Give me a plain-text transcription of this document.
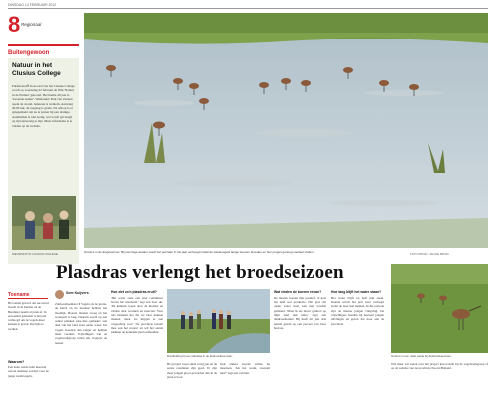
DINSDAG 14 FEBRUARI 2012
8 Regionaal
Buitengewoon
Natuur in het Clusius College
Purmerend Ⅱ In de zaal van het Clusius College wordt op woensdag 22 februari de film 'Natuur in de Purmer' getoond. Het thema dit jaar is 'Levende natuur'. Wethouder Paul van Zaanen opent de avond. Iedereen is welkom. Aanvang 20.00 uur, de toegang is gratis. Na afloop is er gelegenheid om na te praten bij een drankje. Aanmelden is niet nodig, wel wordt gevraagd op tijd aanwezig te zijn. Meer informatie is te vinden op de website.
NIEUWSFOTO CLUSIUS COLLEGE	Grutto's in de Engewormer. Bij sommige weiden wordt het peil later in het jaar verhoogd zodat de weidevogels langer kunnen broeden en hun jongen genoeg voedsel vinden.	FOTO PRIVÉ / JAN DE BRUIN
Plasdras verlengt het broedseizoen
Toename
Het aantal grutto's dat succesvol broedt in de Purmer en de Beemster neemt al jaren af. In een aantal gebieden is het peil verhoogd om de vogels meer kansen te geven. Dat lijkt te werken.
Waarom?
Een natte weide trekt insecten aan en daarmee voedsel voor de jonge weidevogels.
Sem Kuijvers
Zuidoostbeemster Ⅱ Vogels als de grutto, de kievit en de tureluur hebben het moeilijk. Boeren maaien vroeg en het waterpeil is laag. Daarom wordt op een aantal plekken plas-dras gemaakt: een deel van het land staat onder water. De vogels broeden dan langer en hebben meer voedsel. Vrijwilligers van de vogelwerkgroep tellen elk voorjaar de nesten.

Hoe ziet zo'n plasdras eruit?

'Het water staat een paar centimeter boven het maaiveld,' legt een boer uit. 'De kuikens lopen door de modder en vinden daar wormen en insecten. Voor ons betekent het dat we later kunnen maaien, maar we krijgen er een vergoeding voor.' De provincie betaalt mee aan het project en wil het aantal plekken de komende jaren uitbreiden.

Rondleiding bij een plasdras in de Zuidoostbeemster.
Het project loopt sinds vorig jaar en de eerste resultaten zijn goed. Er zijn meer jongen groot geworden dan in de jaren ervoor.
Ook andere boeren willen nu meedoen. 'Als het werkt, waarom niet?' zegt een van hen.

Wat vinden de boeren ervan?

De meeste boeren zijn positief, al kost het land wel productie. Het gras dat onder water staat, kan niet worden gemaaid. 'Maar ik zie liever grutto's op mijn land dan niets,' zegt een melkveehouder. Hij heeft dit jaar drie nesten geteld op een perceel van twee hectare.

Hoe lang blijft het water staan?

Het water blijft tot half juni staan. Daarna wordt het peil weer verlaagd zodat de boer kan maaien. In die periode zijn de meeste jongen vliegvlug. De vrijwilligers houden bij hoeveel jongen uitvliegen en geven dat door aan de provincie.

Grutto's in een natte weide bij Zuidoostbeemster.
Wie meer wil weten over het project kan terecht bij de vogelwerkgroep of op de website van de provincie Noord-Holland.
